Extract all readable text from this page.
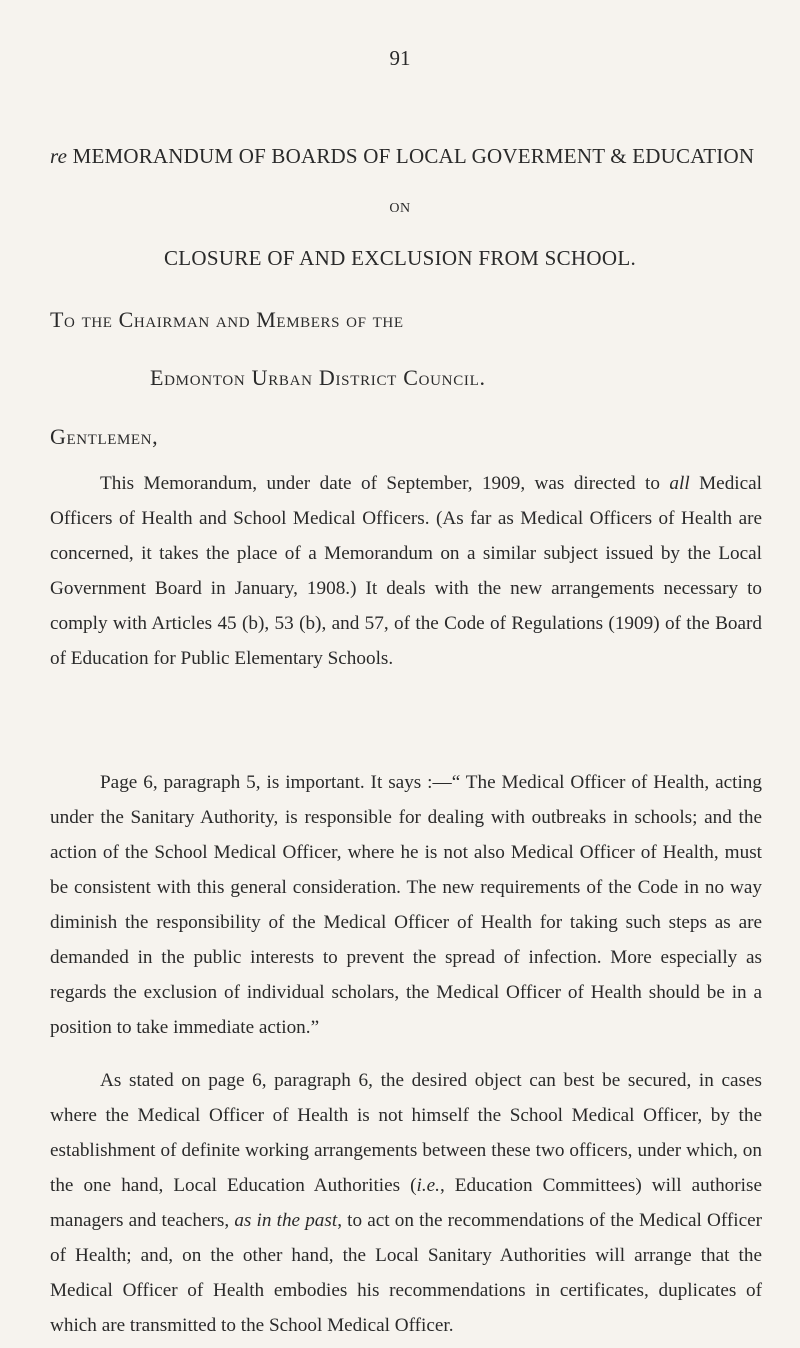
91
re MEMORANDUM OF BOARDS OF LOCAL GOVERMENT & EDUCATION
ON
CLOSURE OF AND EXCLUSION FROM SCHOOL.
To the Chairman and Members of the
Edmonton Urban District Council.
Gentlemen,

This Memorandum, under date of September, 1909, was directed to all Medical Officers of Health and School Medical Officers. (As far as Medical Officers of Health are concerned, it takes the place of a Memorandum on a similar subject issued by the Local Government Board in January, 1908.) It deals with the new arrangements necessary to comply with Articles 45 (b), 53 (b), and 57, of the Code of Regulations (1909) of the Board of Education for Public Elementary Schools.

Page 6, paragraph 5, is important. It says :—“ The Medical Officer of Health, acting under the Sanitary Authority, is responsible for dealing with outbreaks in schools; and the action of the School Medical Officer, where he is not also Medical Officer of Health, must be consistent with this general consideration. The new requirements of the Code in no way diminish the responsibility of the Medical Officer of Health for taking such steps as are demanded in the public interests to prevent the spread of infection. More especially as regards the exclusion of individual scholars, the Medical Officer of Health should be in a position to take immediate action.”

As stated on page 6, paragraph 6, the desired object can best be secured, in cases where the Medical Officer of Health is not himself the School Medical Officer, by the establishment of definite working arrangements between these two officers, under which, on the one hand, Local Education Authorities (i.e., Education Committees) will authorise managers and teachers, as in the past, to act on the recommendations of the Medical Officer of Health; and, on the other hand, the Local Sanitary Authorities will arrange that the Medical Officer of Health embodies his recommendations in certificates, duplicates of which are transmitted to the School Medical Officer.
